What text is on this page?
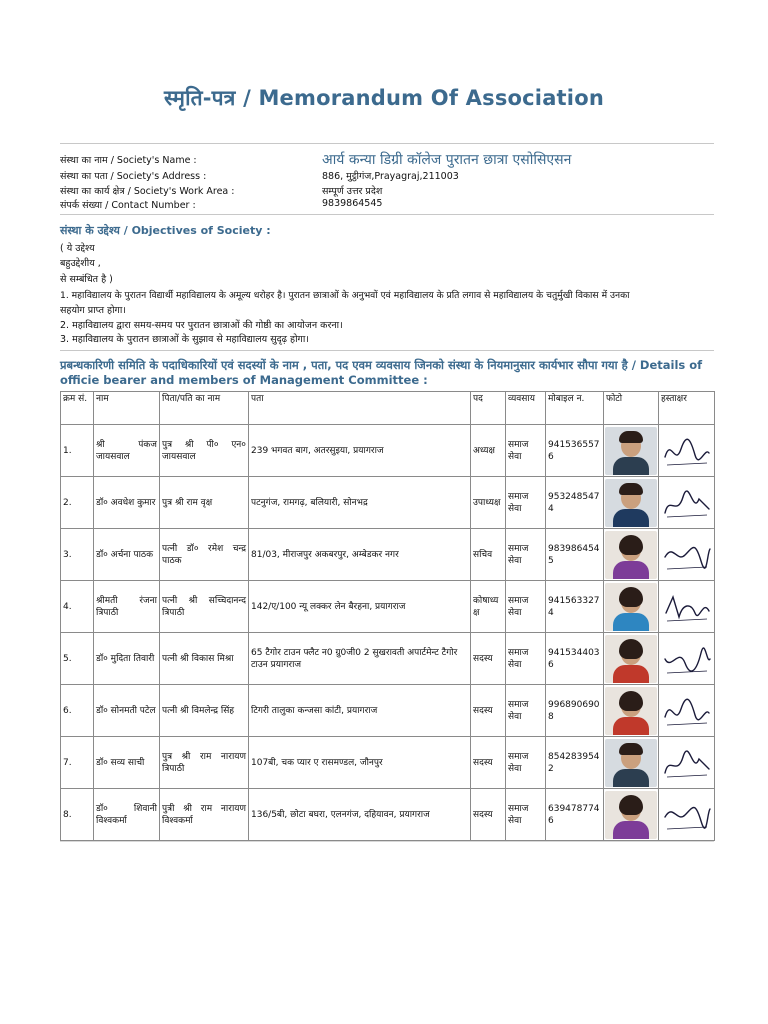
स्मृति-पत्र / Memorandum Of Association
संस्था का नाम / Society's Name :	आर्य कन्या डिग्री कॉलेज पुरातन छात्रा एसोसिएसन
संस्था का पता / Society's Address :	886, मुट्ठीगंज,Prayagraj,211003
संस्था का कार्य क्षेत्र / Society's Work Area :	सम्पूर्ण उत्तर प्रदेश
संपर्क संख्या / Contact Number :	9839864545
संस्था के उद्देश्य / Objectives of Society :
( ये उद्देश्य
बहुउद्देशीय ,
से सम्बंधित है )
1. महाविद्यालय के पुरातन विद्यार्थी महाविद्यालय के अमूल्य धरोहर है। पुरातन छात्राओं के अनुभवों एवं महाविद्यालय के प्रति लगाव से महाविद्यालय के चतुर्मुखी विकास में उनका
सहयोग प्राप्त होगा।
2. महाविद्यालय द्वारा समय-समय पर पुरातन छात्राओं की गोष्ठी का आयोजन करना।
3. महाविद्यालय के पुरातन छात्राओं के सुझाव से महाविद्यालय सुदृढ़ होगा।
प्रबन्धकारिणी समिति के पदाधिकारियों एवं सदस्यों के नाम , पता, पद एवम व्यवसाय जिनको संस्था के नियमानुसार कार्यभार सौपा गया है / Details of officie bearer and members of Management Committee :
क्रम सं.	नाम	पिता/पति का नाम	पता	पद	व्यवसाय	मोबाइल न.	फोटो	हस्ताक्षर
1.	श्री पंकज जायसवाल	पुत्र श्री पी० एन० जायसवाल	239 भगवत बाग, अतरसुइया, प्रयागराज	अध्यक्ष	समाज सेवा	9415365576	

2.	डॉ० अवधेश कुमार	पुत्र श्री राम वृक्ष	पटनुगंज, रामगढ़, बलियारी, सोनभद्र	उपाध्यक्ष	समाज सेवा	9532485474	

3.	डॉ० अर्चना पाठक	पत्नी डॉ० रमेश चन्द्र पाठक	81/03, मीराजपुर अकबरपुर, अम्बेडकर नगर	सचिव	समाज सेवा	9839864545	

4.	श्रीमती रंजना त्रिपाठी	पत्नी श्री सच्चिदानन्द त्रिपाठी	142/ए/100 न्यू लक्कर लेन बैरहना, प्रयागराज	कोषाध्यक्ष	समाज सेवा	9415633274	

5.	डॉ० मुदिता तिवारी	पत्नी श्री विकास मिश्रा	65 टैगोर टाउन फ्लैट न0 ग्रु0जी0 2 सुखरावती अपार्टमेन्ट टैगोर टाउन प्रयागराज	सदस्य	समाज सेवा	9415344036	

6.	डॉ० सोनमती पटेल	पत्नी श्री विमलेन्द्र सिंह	टिगरी तालुका कन्जसा कांटी, प्रयागराज	सदस्य	समाज सेवा	9968906908	

7.	डॉ० सव्य साची	पुत्र श्री राम नारायण त्रिपाठी	107बी, चक प्यार ए रासमण्डल, जौनपुर	सदस्य	समाज सेवा	8542839542	

8.	डॉ० शिवानी विश्वकर्मा	पुत्री श्री राम नारायण विश्वकर्मा	136/5बी, छोटा बघरा, एलनगंज, दहियावन, प्रयागराज	सदस्य	समाज सेवा	6394787746	
